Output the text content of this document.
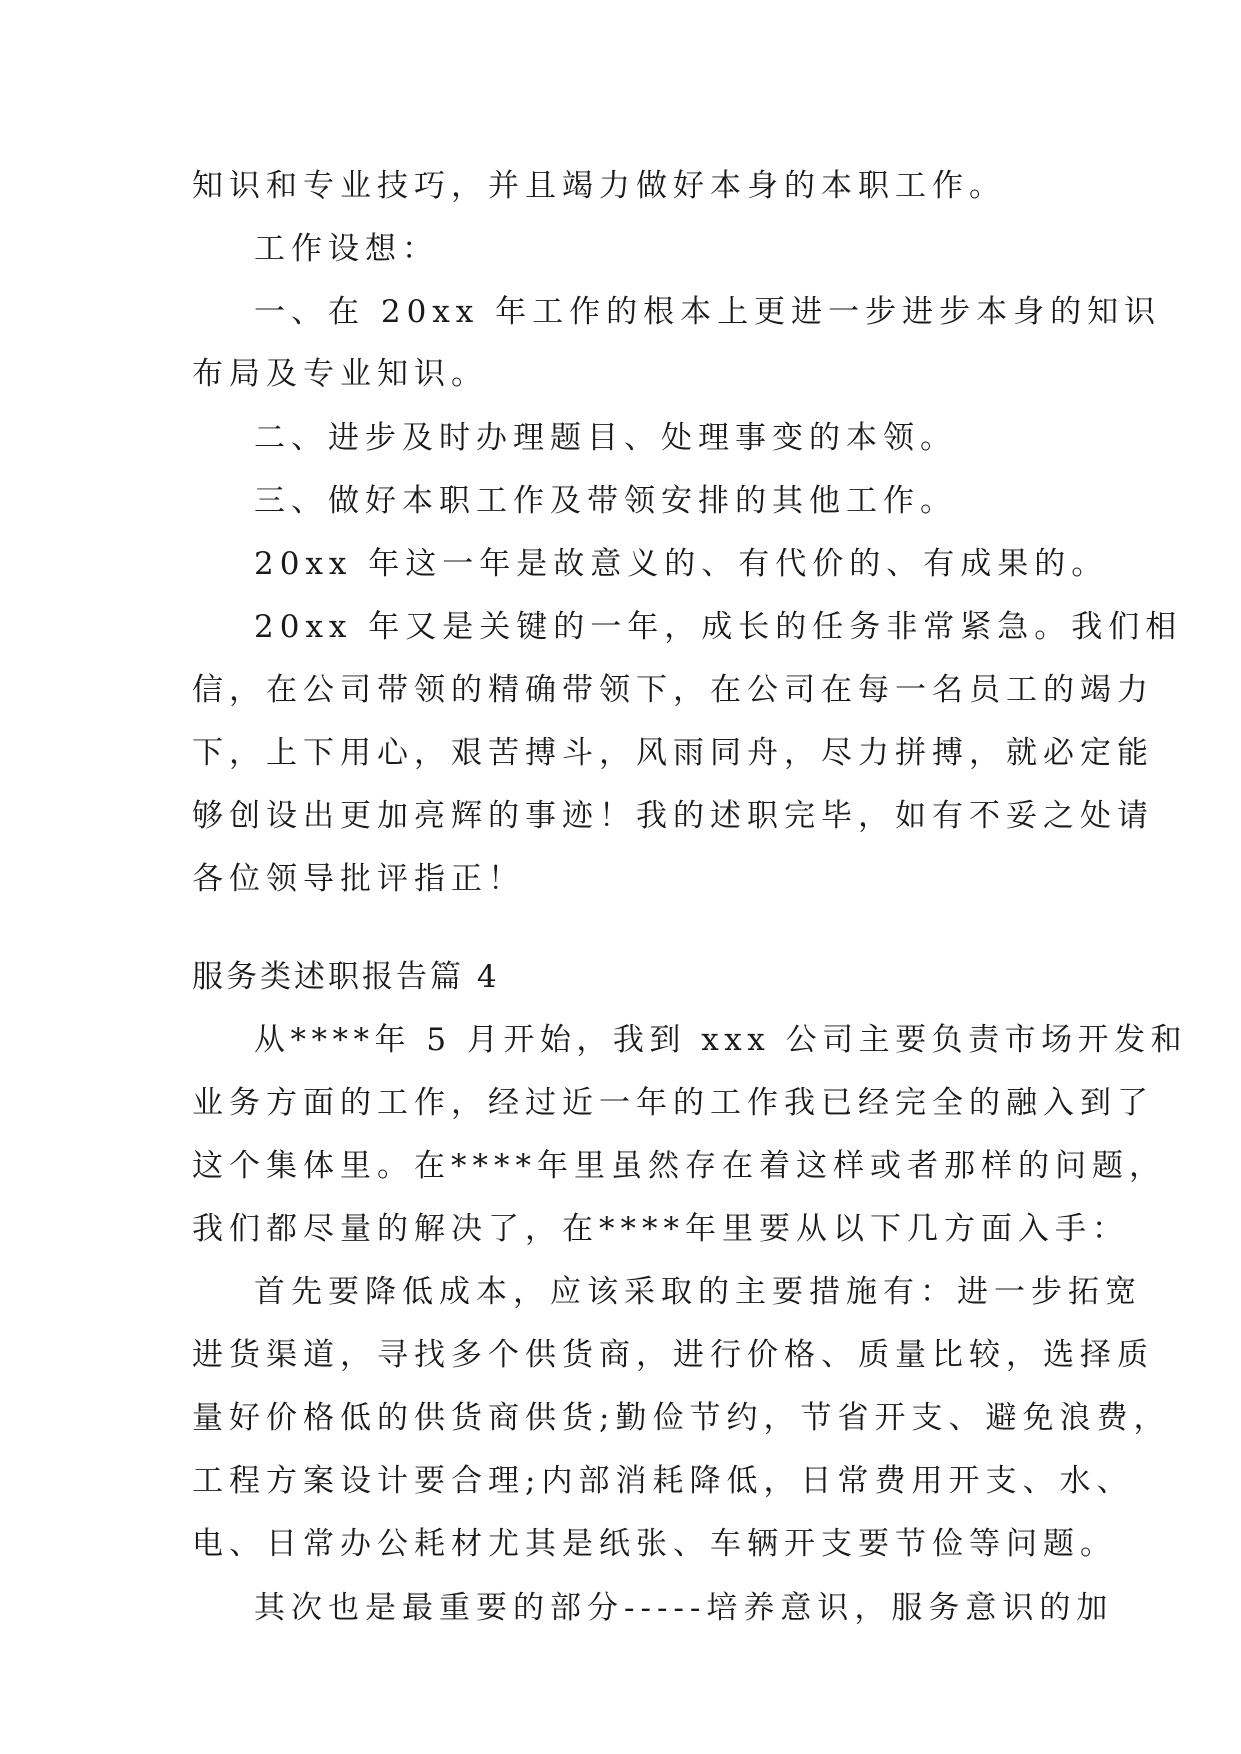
知识和专业技巧，并且竭力做好本身的本职工作。
工作设想：
一、在 20xx 年工作的根本上更进一步进步本身的知识
布局及专业知识。
二、进步及时办理题目、处理事变的本领。
三、做好本职工作及带领安排的其他工作。
20xx 年这一年是故意义的、有代价的、有成果的。
20xx 年又是关键的一年，成长的任务非常紧急。我们相
信，在公司带领的精确带领下，在公司在每一名员工的竭力
下，上下用心，艰苦搏斗，风雨同舟，尽力拼搏，就必定能
够创设出更加亮辉的事迹！我的述职完毕，如有不妥之处请
各位领导批评指正！
服务类述职报告篇 4
从****年 5 月开始，我到 xxx 公司主要负责市场开发和
业务方面的工作，经过近一年的工作我已经完全的融入到了
这个集体里。在****年里虽然存在着这样或者那样的问题，
我们都尽量的解决了，在****年里要从以下几方面入手：
首先要降低成本，应该采取的主要措施有：进一步拓宽
进货渠道，寻找多个供货商，进行价格、质量比较，选择质
量好价格低的供货商供货;勤俭节约，节省开支、避免浪费，
工程方案设计要合理;内部消耗降低，日常费用开支、水、
电、日常办公耗材尤其是纸张、车辆开支要节俭等问题。
其次也是最重要的部分-----培养意识，服务意识的加
